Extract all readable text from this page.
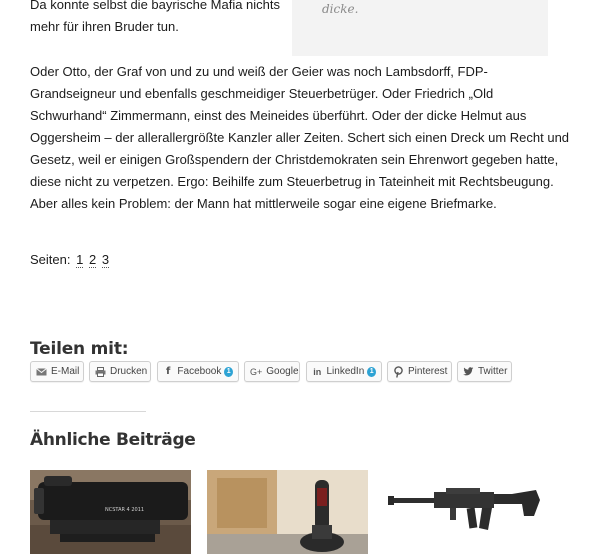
Da konnte selbst die bayrische Mafia nichts mehr für ihren Bruder tun.
dicke.
Oder Otto, der Graf von und zu und weiß der Geier was noch Lambsdorff, FDP-Grandseigneur und ebenfalls geschmeidiger Steuerbetrüger. Oder Friedrich „Old Schwurhand“ Zimmermann, einst des Meineides überführt. Oder der dicke Helmut aus Oggersheim – der allerallergrößte Kanzler aller Zeiten. Schert sich einen Dreck um Recht und Gesetz, weil er einigen Großspendern der Christdemokraten sein Ehrenwort gegeben hatte, diese nicht zu verpetzen. Ergo: Beihilfe zum Steuerbetrug in Tateinheit mit Rechtsbeugung. Aber alles kein Problem: der Mann hat mittlerweile sogar eine eigene Briefmarke.
Seiten: 1 2 3
Teilen mit:
E-Mail	Drucken	f Facebook 1 G+ Google in LinkedIn 1	Pinterest	Twitter
Ähnliche Beiträge
NCSTAR 4 2011
